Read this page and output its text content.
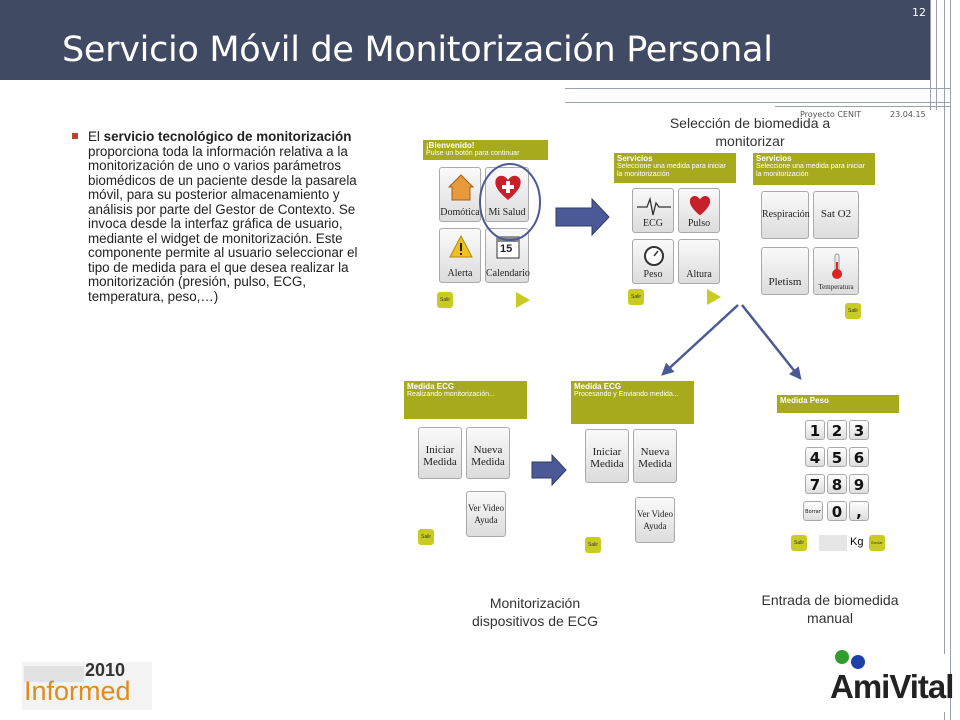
Servicio Móvil de Monitorización Personal
12
Proyecto CENIT	23.04.15
El servicio tecnológico de monitorización proporciona toda la información relativa a la monitorización de uno o varios parámetros biomédicos de un paciente desde la pasarela móvil, para su posterior almacenamiento y análisis por parte del Gestor de Contexto. Se invoca desde la interfaz gráfica de usuario, mediante el widget de monitorización. Este componente permite al usuario seleccionar el tipo de medida para el que desea realizar la monitorización (presión, pulso, ECG, temperatura, peso,…)
Selección de biomedida a monitorizar
Monitorización dispositivos de ECG
Entrada de biomedida manual
¡Bienvenido!
Pulse un botón para continuar
Domótica Mi Salud
Alerta
15
Calendario
Salir
Servicios
Seleccione una medida para iniciar la monitorización
ECG	Pulso
Peso	Altura
Salir
Servicios
Seleccione una medida para iniciar la monitorización
Respiración	Sat O2
Pletism	Temperatura
Salir
Medida ECG
Realizando monitorización...
Iniciar Medida
Nueva Medida
Ver Video Ayuda
Salir
Medida ECG
Procesando y Enviando medida...
Iniciar Medida
Nueva Medida
Ver Video Ayuda
Salir
Medida Peso
1 2 3
4 5 6
7 8 9
Borrar 0 ,
Salir	Kg	Enviar
2010
Informed	AmiVital
